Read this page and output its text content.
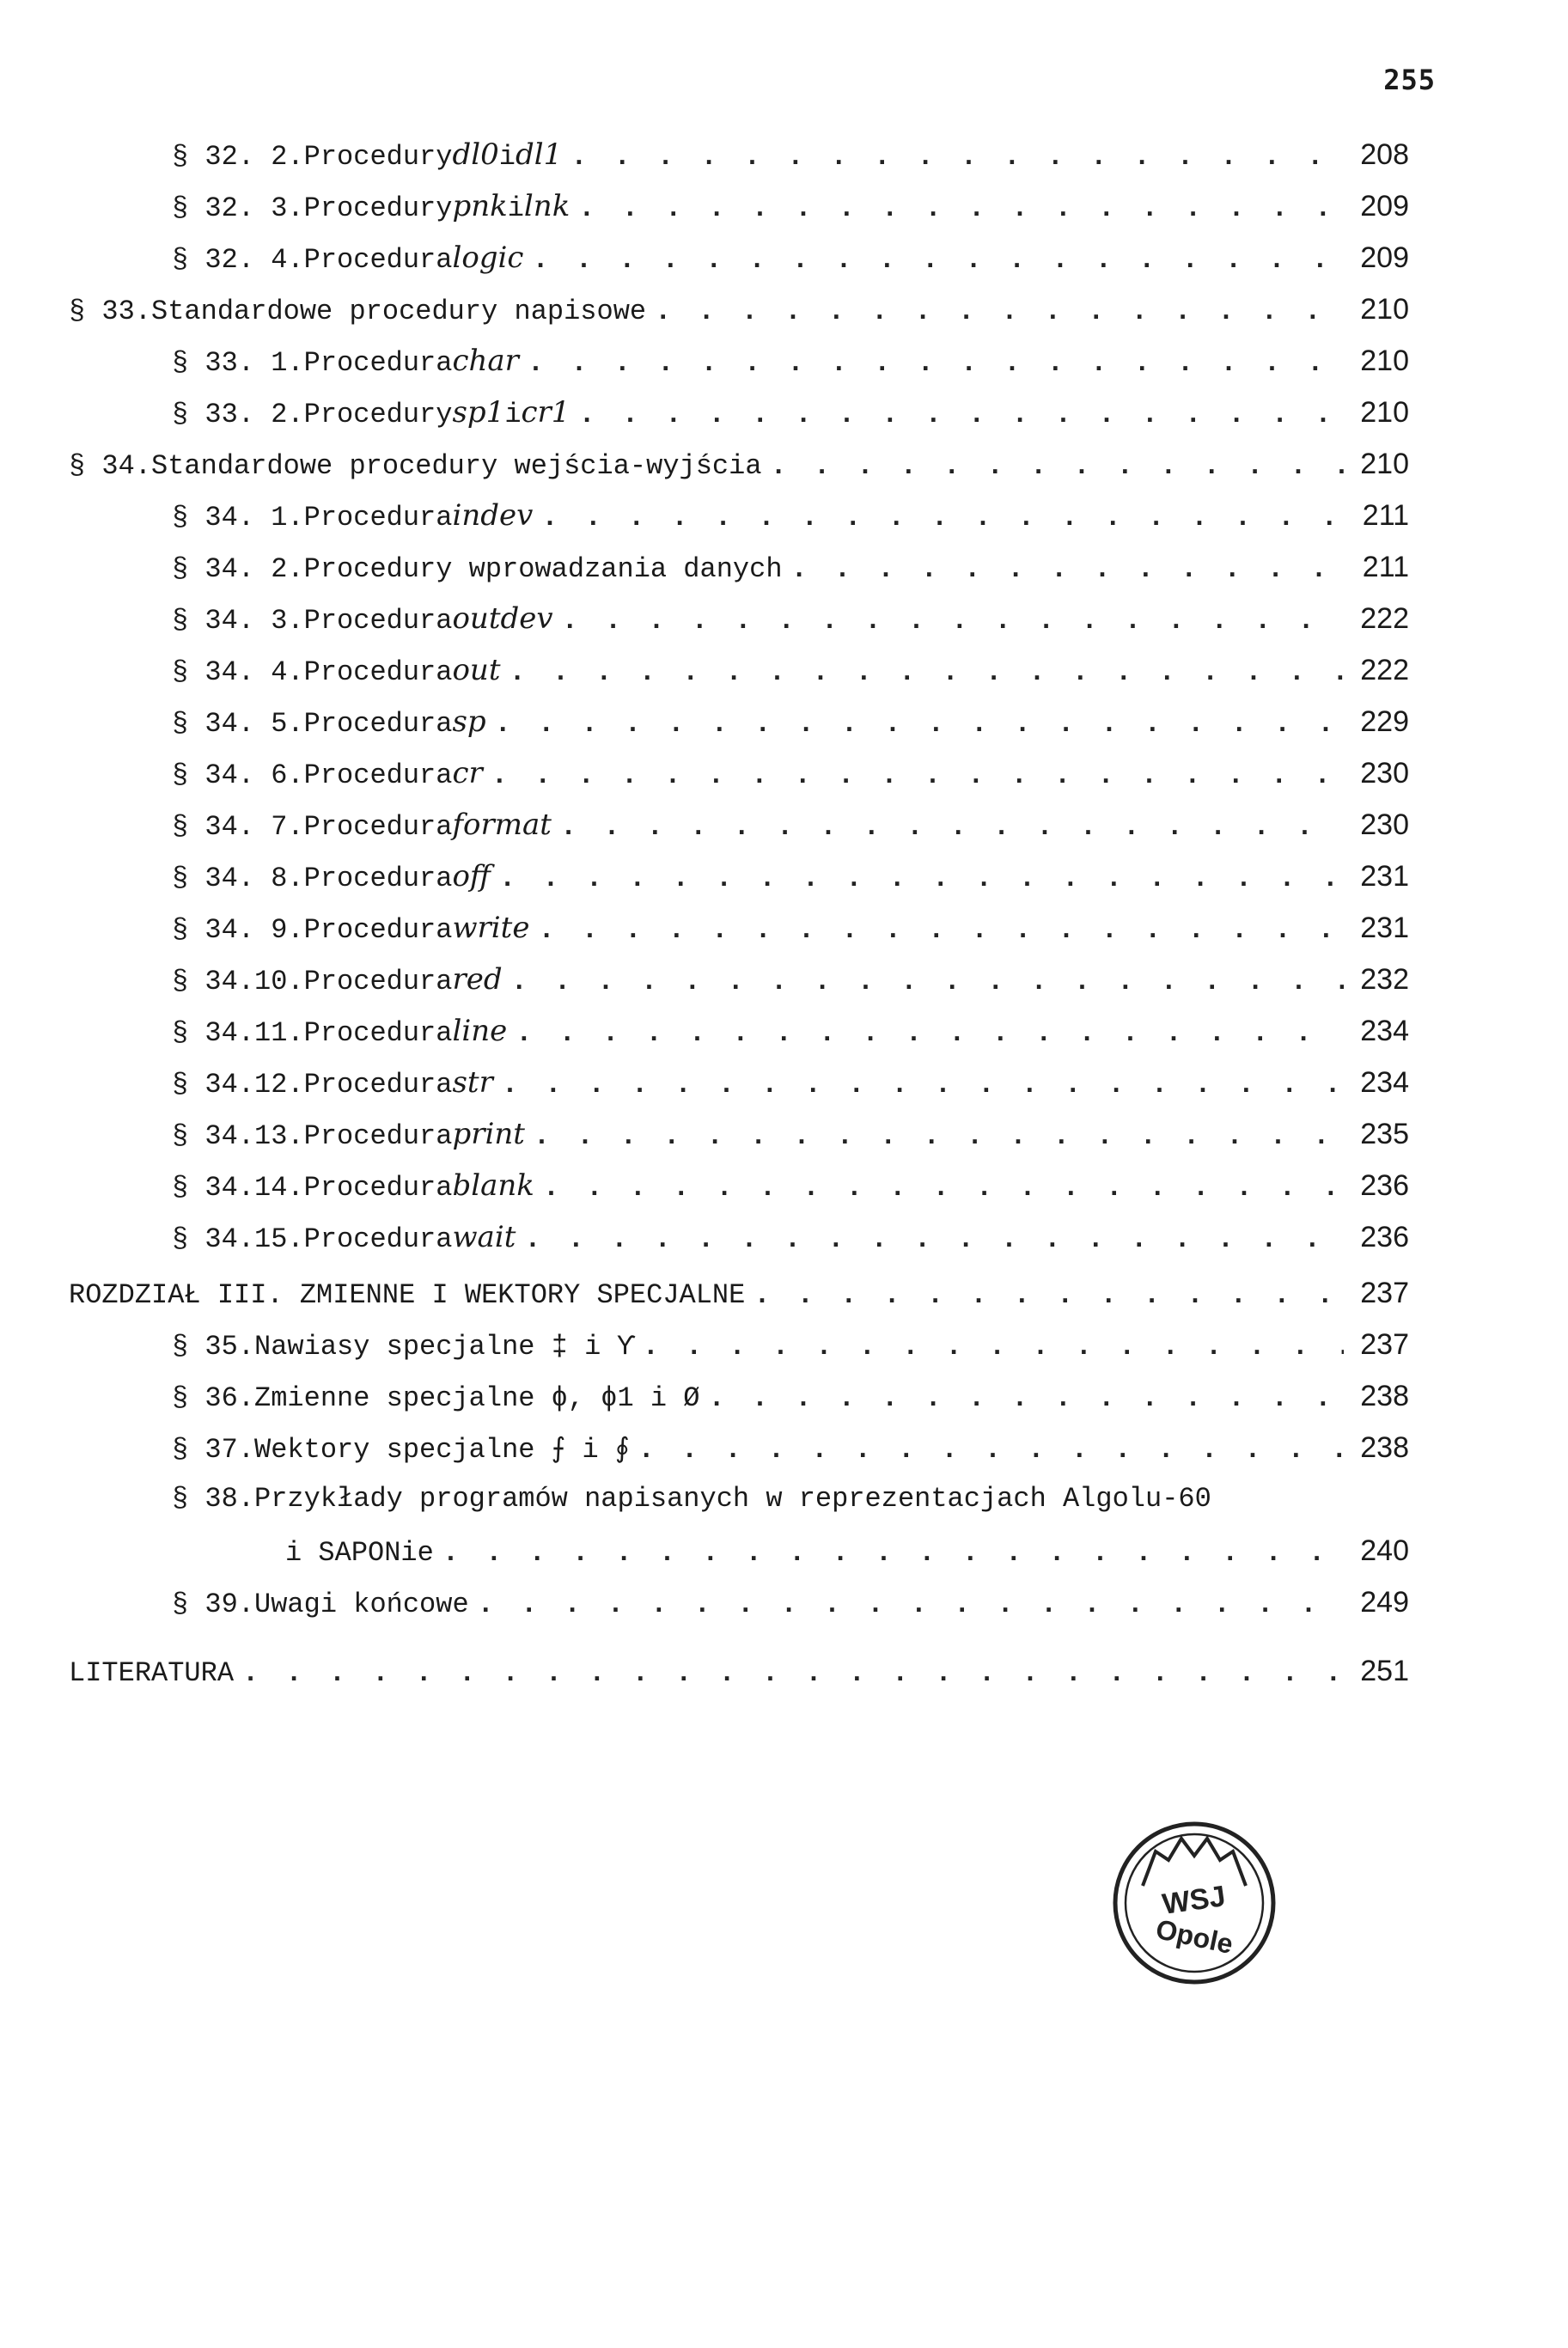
255
§ 32. 2. Procedury dl0 i dl1 . . .	208
§ 32. 3. Procedury pnk i lnk . . .	209
§ 32. 4. Procedura logic . . .	209
§ 33. Standardowe procedury napisowe . . .	210
§ 33. 1. Procedura char . . .	210
§ 33. 2. Procedury sp1 i cr1 . . .	210
§ 34. Standardowe procedury wejścia-wyjścia . . .	210
§ 34. 1. Procedura indev . . .	211
§ 34. 2. Procedury wprowadzania danych . . .	211
§ 34. 3. Procedura outdev . . .	222
§ 34. 4. Procedura out . . .	222
§ 34. 5. Procedura sp . . .	229
§ 34. 6. Procedura cr . . .	230
§ 34. 7. Procedura format . . .	230
§ 34. 8. Procedura off . . .	231
§ 34. 9. Procedura write . . .	231
§ 34.10. Procedura red . . .	232
§ 34.11. Procedura line . . .	234
§ 34.12. Procedura str . . .	234
§ 34.13. Procedura print . . .	235
§ 34.14. Procedura blank . . .	236
§ 34.15. Procedura wait . . .	236
ROZDZIAŁ III. ZMIENNE I WEKTORY SPECJALNE . . .	237
§ 35. Nawiasy specjalne ‡ i ϒ . . .	237
§ 36. Zmienne specjalne ɸ, ɸ1 i Ø . . .	238
§ 37. Wektory specjalne ⨍ i ∮ . . .	238
§ 38. Przykłady programów napisanych w reprezentacjach Algolu-60
i SAPONie . . .	240
§ 39. Uwagi końcowe . . .	249
LITERATURA . . .	251
WSJ
Opole
